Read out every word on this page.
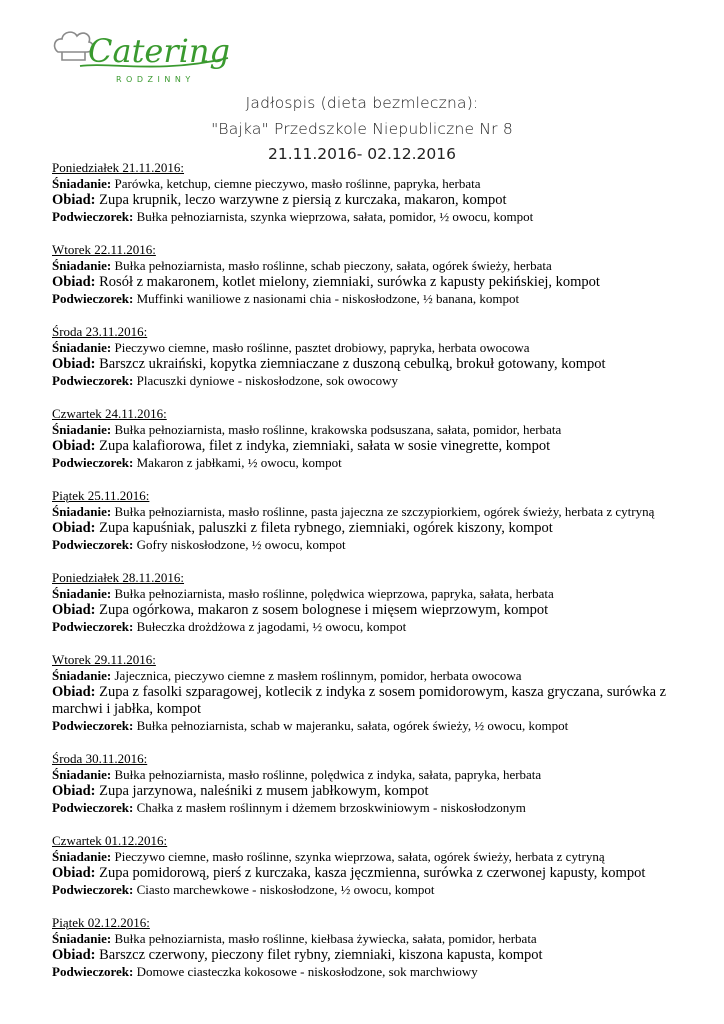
Catering
RODZINNY
Jadłospis (dieta bezmleczna):
"Bajka" Przedszkole Niepubliczne Nr 8
21.11.2016- 02.12.2016
Poniedziałek 21.11.2016:
Śniadanie: Parówka, ketchup, ciemne pieczywo, masło roślinne, papryka, herbata
Obiad: Zupa krupnik, leczo warzywne z piersią z kurczaka, makaron, kompot
Podwieczorek: Bułka pełnoziarnista, szynka wieprzowa, sałata, pomidor, ½ owocu, kompot
Wtorek 22.11.2016:
Śniadanie: Bułka pełnoziarnista, masło roślinne, schab pieczony, sałata, ogórek świeży, herbata
Obiad: Rosół z makaronem, kotlet mielony, ziemniaki, surówka z kapusty pekińskiej, kompot
Podwieczorek: Muffinki waniliowe z nasionami chia - niskosłodzone, ½ banana, kompot
Środa 23.11.2016:
Śniadanie: Pieczywo ciemne, masło roślinne, pasztet drobiowy, papryka, herbata owocowa
Obiad: Barszcz ukraiński, kopytka ziemniaczane z duszoną cebulką, brokuł gotowany, kompot
Podwieczorek: Placuszki dyniowe - niskosłodzone, sok owocowy
Czwartek 24.11.2016:
Śniadanie: Bułka pełnoziarnista, masło roślinne, krakowska podsuszana, sałata, pomidor, herbata
Obiad: Zupa kalafiorowa, filet z indyka, ziemniaki, sałata w sosie vinegrette, kompot
Podwieczorek: Makaron z jabłkami, ½ owocu, kompot
Piątek 25.11.2016:
Śniadanie: Bułka pełnoziarnista, masło roślinne, pasta jajeczna ze szczypiorkiem, ogórek świeży, herbata z cytryną
Obiad: Zupa kapuśniak, paluszki z fileta rybnego, ziemniaki, ogórek kiszony, kompot
Podwieczorek: Gofry niskosłodzone, ½ owocu, kompot
Poniedziałek 28.11.2016:
Śniadanie: Bułka pełnoziarnista, masło roślinne, polędwica wieprzowa, papryka, sałata, herbata
Obiad: Zupa ogórkowa, makaron z sosem bolognese i mięsem wieprzowym, kompot
Podwieczorek: Bułeczka drożdżowa z jagodami, ½ owocu, kompot
Wtorek 29.11.2016:
Śniadanie: Jajecznica, pieczywo ciemne z masłem roślinnym, pomidor, herbata owocowa
Obiad: Zupa z fasolki szparagowej, kotlecik z indyka z sosem pomidorowym, kasza gryczana, surówka z marchwi i jabłka, kompot
Podwieczorek: Bułka pełnoziarnista, schab w majeranku, sałata, ogórek świeży, ½ owocu, kompot
Środa 30.11.2016:
Śniadanie: Bułka pełnoziarnista, masło roślinne, polędwica z indyka, sałata, papryka, herbata
Obiad: Zupa jarzynowa, naleśniki z musem jabłkowym, kompot
Podwieczorek: Chałka z masłem roślinnym i dżemem brzoskwiniowym - niskosłodzonym
Czwartek 01.12.2016:
Śniadanie: Pieczywo ciemne, masło roślinne, szynka wieprzowa, sałata, ogórek świeży, herbata z cytryną
Obiad: Zupa pomidorową, pierś z kurczaka, kasza jęczmienna, surówka z czerwonej kapusty, kompot
Podwieczorek: Ciasto marchewkowe - niskosłodzone, ½ owocu, kompot
Piątek 02.12.2016:
Śniadanie: Bułka pełnoziarnista, masło roślinne, kiełbasa żywiecka, sałata, pomidor, herbata
Obiad: Barszcz czerwony, pieczony filet rybny, ziemniaki, kiszona kapusta, kompot
Podwieczorek: Domowe ciasteczka kokosowe - niskosłodzone, sok marchwiowy
